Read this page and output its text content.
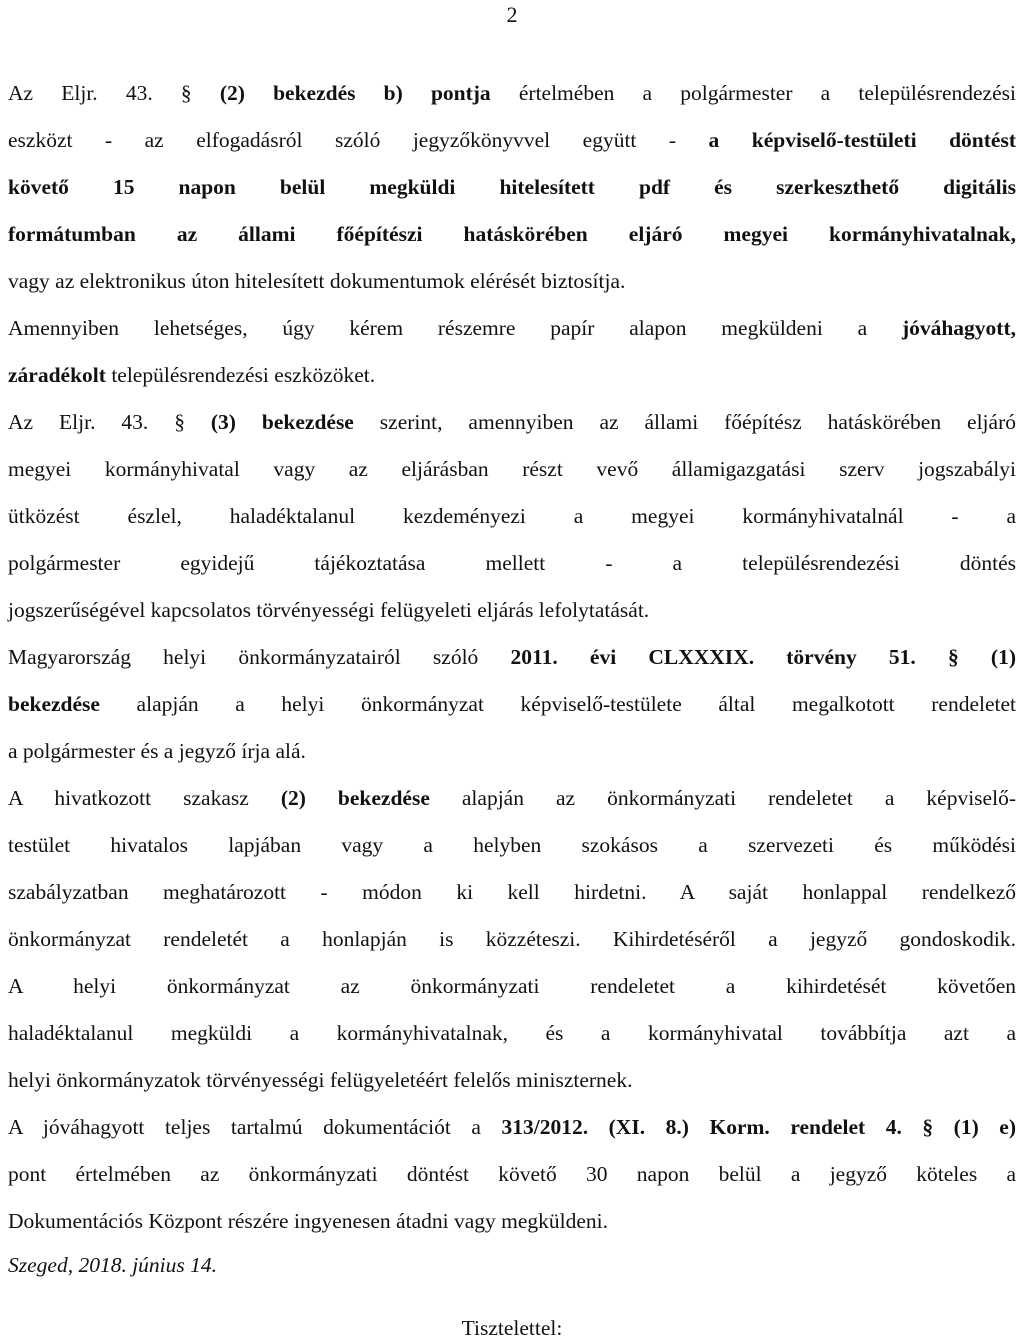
2
Az Eljr. 43. § (2) bekezdés b) pontja értelmében a polgármester a településrendezési
eszközt - az elfogadásról szóló jegyzőkönyvvel együtt - a képviselő-testületi döntést
követő 15 napon belül megküldi hitelesített pdf és szerkeszthető digitális
formátumban az állami főépítészi hatáskörében eljáró megyei kormányhivatalnak,
vagy az elektronikus úton hitelesített dokumentumok elérését biztosítja.
Amennyiben lehetséges, úgy kérem részemre papír alapon megküldeni a jóváhagyott,
záradékolt településrendezési eszközöket.
Az Eljr. 43. § (3) bekezdése szerint, amennyiben az állami főépítész hatáskörében eljáró
megyei kormányhivatal vagy az eljárásban részt vevő államigazgatási szerv jogszabályi
ütközést észlel, haladéktalanul kezdeményezi a megyei kormányhivatalnál - a
polgármester egyidejű tájékoztatása mellett - a településrendezési döntés
jogszerűségével kapcsolatos törvényességi felügyeleti eljárás lefolytatását.
Magyarország helyi önkormányzatairól szóló 2011. évi CLXXXIX. törvény 51. § (1)
bekezdése alapján a helyi önkormányzat képviselő-testülete által megalkotott rendeletet
a polgármester és a jegyző írja alá.
A hivatkozott szakasz (2) bekezdése alapján az önkormányzati rendeletet a képviselő-
testület hivatalos lapjában vagy a helyben szokásos a szervezeti és működési
szabályzatban meghatározott - módon ki kell hirdetni. A saját honlappal rendelkező
önkormányzat rendeletét a honlapján is közzéteszi. Kihirdetéséről a jegyző gondoskodik.
A helyi önkormányzat az önkormányzati rendeletet a kihirdetését követően
haladéktalanul megküldi a kormányhivatalnak, és a kormányhivatal továbbítja azt a
helyi önkormányzatok törvényességi felügyeletéért felelős miniszternek.
A jóváhagyott teljes tartalmú dokumentációt a 313/2012. (XI. 8.) Korm. rendelet 4. § (1) e)
pont értelmében az önkormányzati döntést követő 30 napon belül a jegyző köteles a
Dokumentációs Központ részére ingyenesen átadni vagy megküldeni.
Szeged, 2018. június 14.
Tisztelettel:
